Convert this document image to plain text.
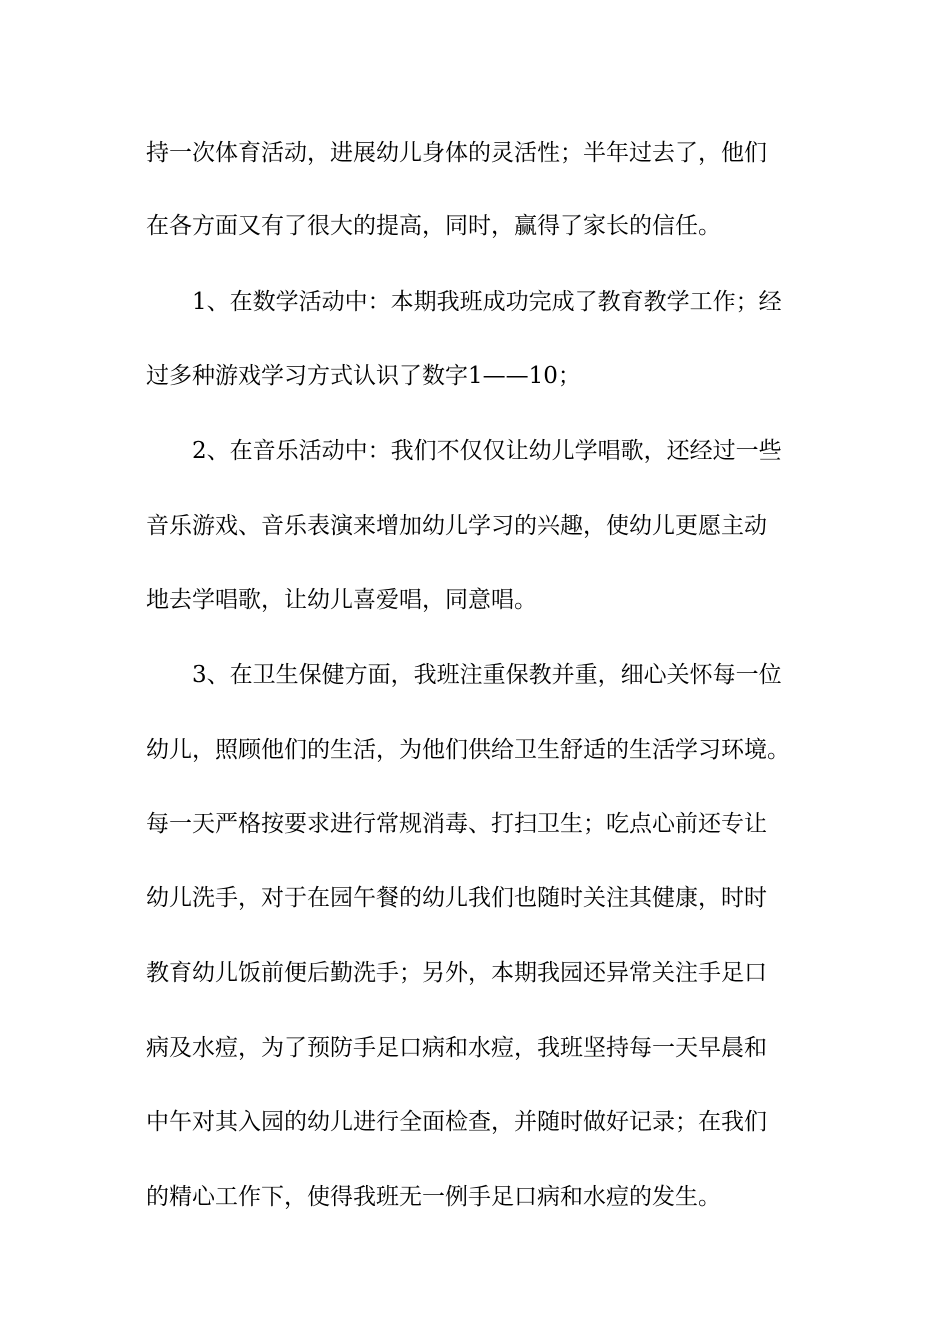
持一次体育活动，进展幼儿身体的灵活性；半年过去了，他们
在各方面又有了很大的提高，同时，赢得了家长的信任。
1、在数学活动中：本期我班成功完成了教育教学工作；经
过多种游戏学习方式认识了数字1——10；
2、在音乐活动中：我们不仅仅让幼儿学唱歌，还经过一些
音乐游戏、音乐表演来增加幼儿学习的兴趣，使幼儿更愿主动
地去学唱歌，让幼儿喜爱唱，同意唱。
3、在卫生保健方面，我班注重保教并重，细心关怀每一位
幼儿，照顾他们的生活，为他们供给卫生舒适的生活学习环境。
每一天严格按要求进行常规消毒、打扫卫生；吃点心前还专让
幼儿洗手，对于在园午餐的幼儿我们也随时关注其健康，时时
教育幼儿饭前便后勤洗手；另外，本期我园还异常关注手足口
病及水痘，为了预防手足口病和水痘，我班坚持每一天早晨和
中午对其入园的幼儿进行全面检查，并随时做好记录；在我们
的精心工作下，使得我班无一例手足口病和水痘的发生。
